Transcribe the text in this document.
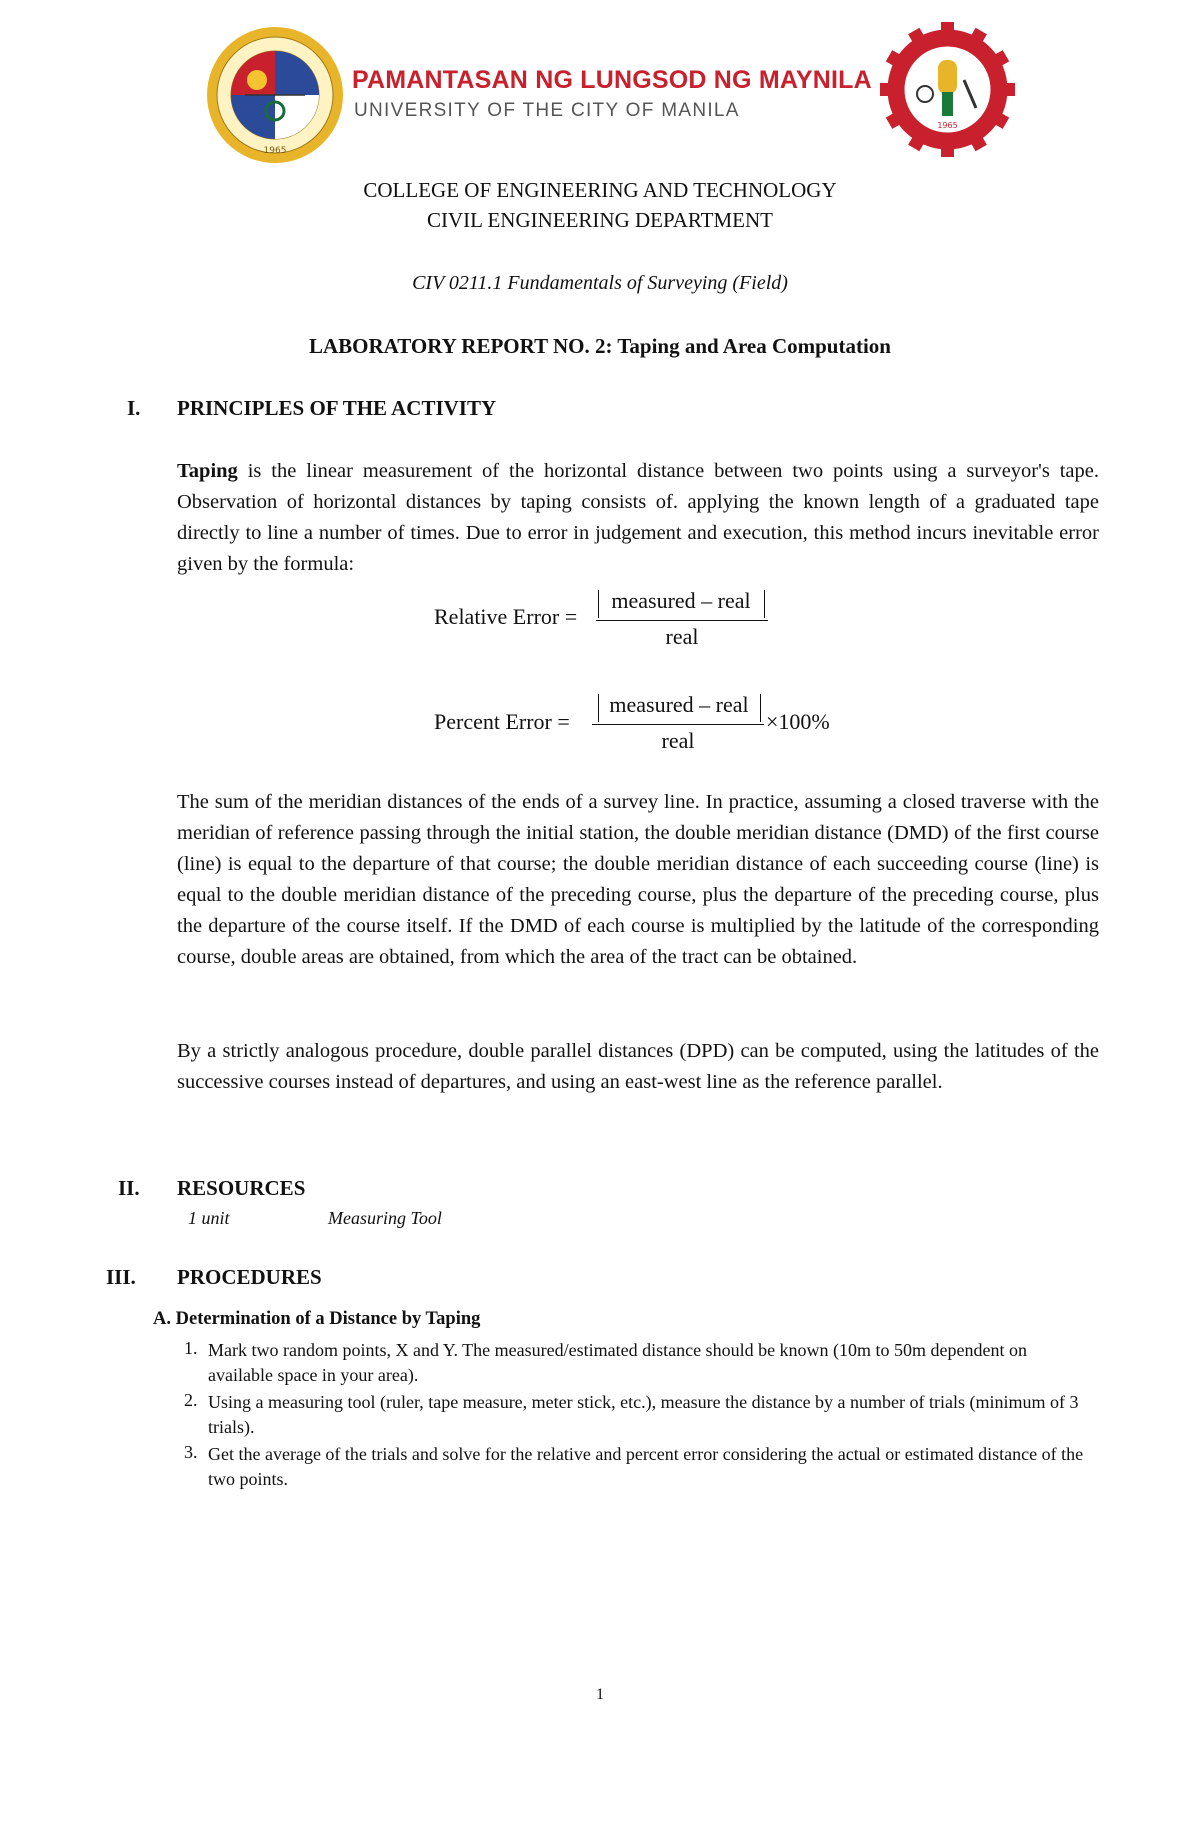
1965
PAMANTASAN NG LUNGSOD NG MAYNILA
UNIVERSITY OF THE CITY OF MANILA
1965
COLLEGE OF ENGINEERING AND TECHNOLOGY
CIVIL ENGINEERING DEPARTMENT
CIV 0211.1 Fundamentals of Surveying (Field)
LABORATORY REPORT NO. 2: Taping and Area Computation
I. PRINCIPLES OF THE ACTIVITY
Taping is the linear measurement of the horizontal distance between two points using a surveyor's tape. Observation of horizontal distances by taping consists of. applying the known length of a graduated tape directly to line a number of times. Due to error in judgement and execution, this method incurs inevitable error given by the formula:
Relative Error =
measured – real
real
Percent Error =
measured – real
real
×100%
The sum of the meridian distances of the ends of a survey line. In practice, assuming a closed traverse with the meridian of reference passing through the initial station, the double meridian distance (DMD) of the first course (line) is equal to the departure of that course; the double meridian distance of each succeeding course (line) is equal to the double meridian distance of the preceding course, plus the departure of the preceding course, plus the departure of the course itself. If the DMD of each course is multiplied by the latitude of the corresponding course, double areas are obtained, from which the area of the tract can be obtained.
By a strictly analogous procedure, double parallel distances (DPD) can be computed, using the latitudes of the successive courses instead of departures, and using an east-west line as the reference parallel.
II. RESOURCES
1 unit	Measuring Tool
III. PROCEDURES
A. Determination of a Distance by Taping
1. Mark two random points, X and Y. The measured/estimated distance should be known (10m to 50m dependent on available space in your area).
2. Using a measuring tool (ruler, tape measure, meter stick, etc.), measure the distance by a number of trials (minimum of 3 trials).
3. Get the average of the trials and solve for the relative and percent error considering the actual or estimated distance of the two points.
1
